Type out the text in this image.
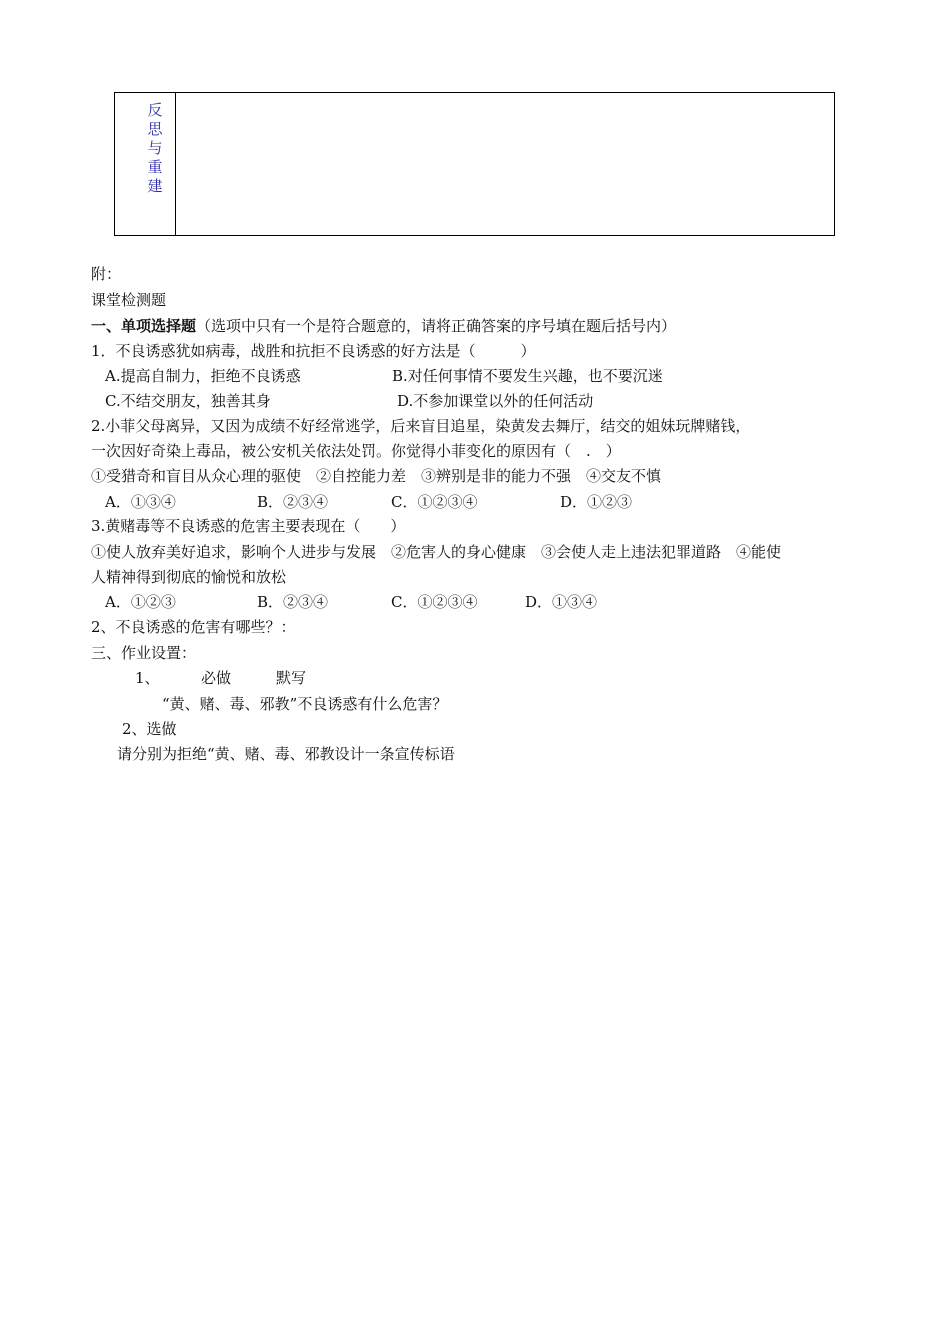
反
思
与
重
建
附：
课堂检测题
一、单项选择题（选项中只有一个是符合题意的，请将正确答案的序号填在题后括号内）
1．不良诱惑犹如病毒，战胜和抗拒不良诱惑的好方法是（　　　）
A.提高自制力，拒绝不良诱惑	B.对任何事情不要发生兴趣，也不要沉迷
C.不结交朋友，独善其身	D.不参加课堂以外的任何活动
2.小菲父母离异，又因为成绩不好经常逃学，后来盲目追星，染黄发去舞厅，结交的姐妹玩牌赌钱，
一次因好奇染上毒品，被公安机关依法处罚。你觉得小菲变化的原因有（　.　）
①受猎奇和盲目从众心理的驱使　②自控能力差　③辨别是非的能力不强　④交友不慎
A．①③④	B．②③④	C．①②③④	D．①②③
3.黄赌毒等不良诱惑的危害主要表现在（　　）
①使人放弃美好追求，影响个人进步与发展　②危害人的身心健康　③会使人走上违法犯罪道路　④能使
人精神得到彻底的愉悦和放松
A．①②③	B．②③④	C．①②③④	D．①③④
2、不良诱惑的危害有哪些？：
三、作业设置：
1、	必做	默写
“黄、赌、毒、邪教”不良诱惑有什么危害？
2、选做
请分别为拒绝“黄、赌、毒、邪教设计一条宣传标语
